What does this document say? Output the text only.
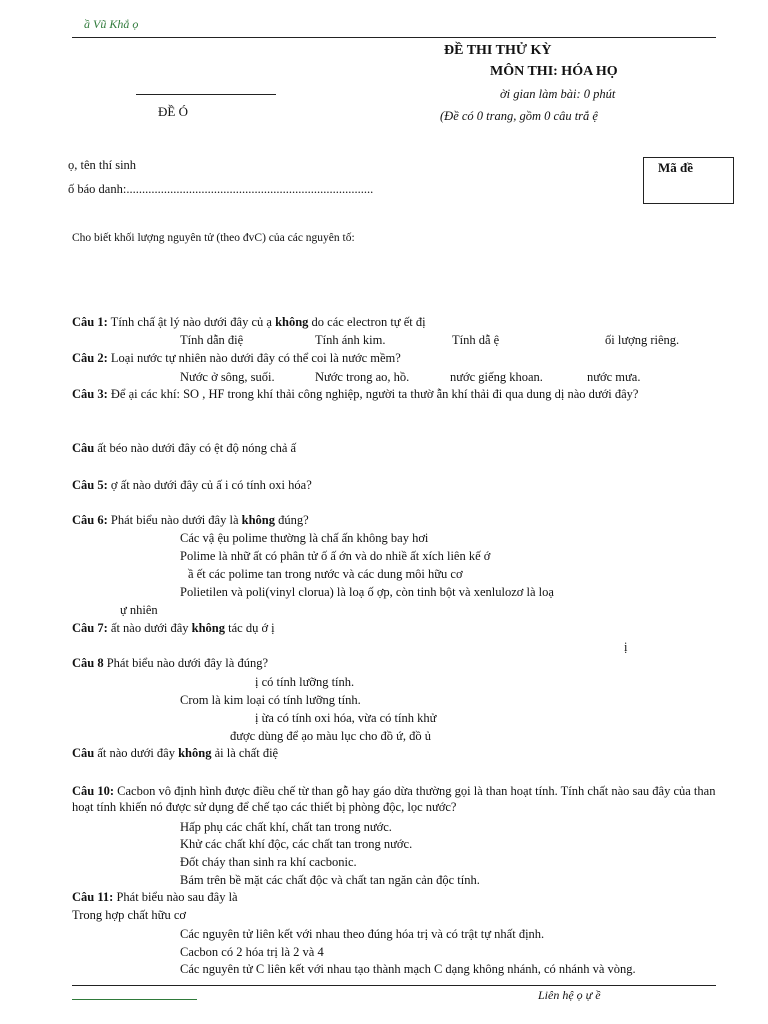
ầ Vũ Khắ ọ
ĐỀ THI THỬ KỲ
MÔN THI: HÓA HỌ
ời gian làm bài: 0 phút
ĐỀ Ó	(Đề có 0 trang, gồm 0 câu trắ ệ
ọ, tên thí sinh
ố báo danh:...............................................................................
Mã đề
Cho biết khối lượng nguyên tử (theo đvC) của các nguyên tố:
Câu 1: Tính chấ ật lý nào dưới đây củ ạ không do các electron tự ết đị
Tính dẫn điệ	Tính ánh kim.	Tính dẫ ệ	ối lượng riêng.
Câu 2: Loại nước tự nhiên nào dưới đây có thể coi là nước mềm?
Nước ở sông, suối.	Nước trong ao, hồ.	nước giếng khoan.	nước mưa.
Câu 3: Để ại các khí: SO , HF trong khí thải công nghiệp, người ta thườ ẫn khí thải đi qua dung dị nào dưới đây?
Câu ất béo nào dưới đây có ệt độ nóng chả ấ
Câu 5: ợ ất nào dưới đây củ ấ i có tính oxi hóa?
Câu 6: Phát biểu nào dưới đây là không đúng?
Các vậ ệu polime thường là chấ ấn không bay hơi
Polime là nhữ ất có phân tử ố ấ ớn và do nhiề ất xích liên kế ớ
ầ ết các polime tan trong nước và các dung môi hữu cơ
Polietilen và poli(vinyl clorua) là loạ ố ợp, còn tinh bột và xenlulozơ là loạ
ự nhiên
Câu 7: ất nào dưới đây không tác dụ ớ ị
ị
Câu 8 Phát biểu nào dưới đây là đúng?
ị có tính lưỡng tính.
Crom là kim loại có tính lưỡng tính.
ị ừa có tính oxi hóa, vừa có tính khử
được dùng để ạo màu lục cho đồ ứ, đồ ủ
Câu ất nào dưới đây không ải là chất điệ
Câu 10: Cacbon vô định hình được điều chế từ than gỗ hay gáo dừa thường gọi là than hoạt tính. Tính chất nào sau đây của than hoạt tính khiến nó được sử dụng để chế tạo các thiết bị phòng độc, lọc nước?
Hấp phụ các chất khí, chất tan trong nước.
Khử các chất khí độc, các chất tan trong nước.
Đốt cháy than sinh ra khí cacbonic.
Bám trên bề mặt các chất độc và chất tan ngăn cản độc tính.
Câu 11: Phát biểu nào sau đây là
Trong hợp chất hữu cơ
Các nguyên tử liên kết với nhau theo đúng hóa trị và có trật tự nhất định.
Cacbon có 2 hóa trị là 2 và 4
Các nguyên tử C liên kết với nhau tạo thành mạch C dạng không nhánh, có nhánh và vòng.
Liên hệ ọ ự ề
